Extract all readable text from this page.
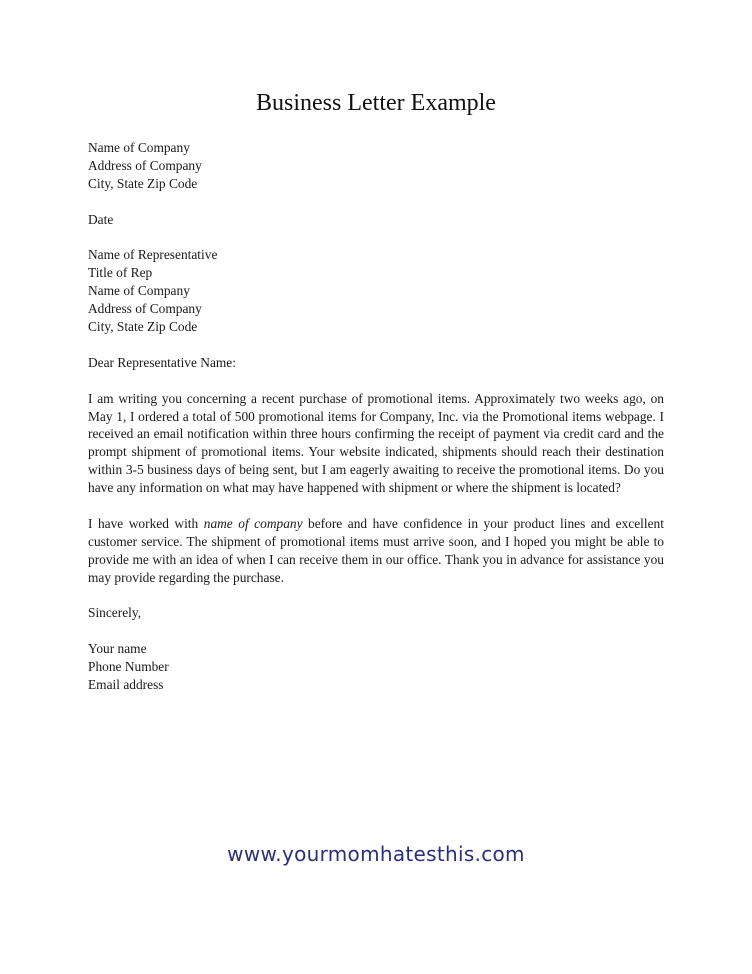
Business Letter Example
Name of Company
Address of Company
City, State Zip Code
Date
Name of Representative
Title of Rep
Name of Company
Address of Company
City, State Zip Code
Dear Representative Name:
I am writing you concerning a recent purchase of promotional items. Approximately two weeks ago, on
May 1, I ordered a total of 500 promotional items for Company, Inc. via the Promotional items webpage. I
received an email notification within three hours confirming the receipt of payment via credit card and the
prompt shipment of promotional items. Your website indicated, shipments should reach their destination
within 3-5 business days of being sent, but I am eagerly awaiting to receive the promotional items. Do you
have any information on what may have happened with shipment or where the shipment is located?
I have worked with name of company before and have confidence in your product lines and excellent
customer service. The shipment of promotional items must arrive soon, and I hoped you might be able to
provide me with an idea of when I can receive them in our office. Thank you in advance for assistance you
may provide regarding the purchase.
Sincerely,
Your name
Phone Number
Email address
www.yourmomhatesthis.com
